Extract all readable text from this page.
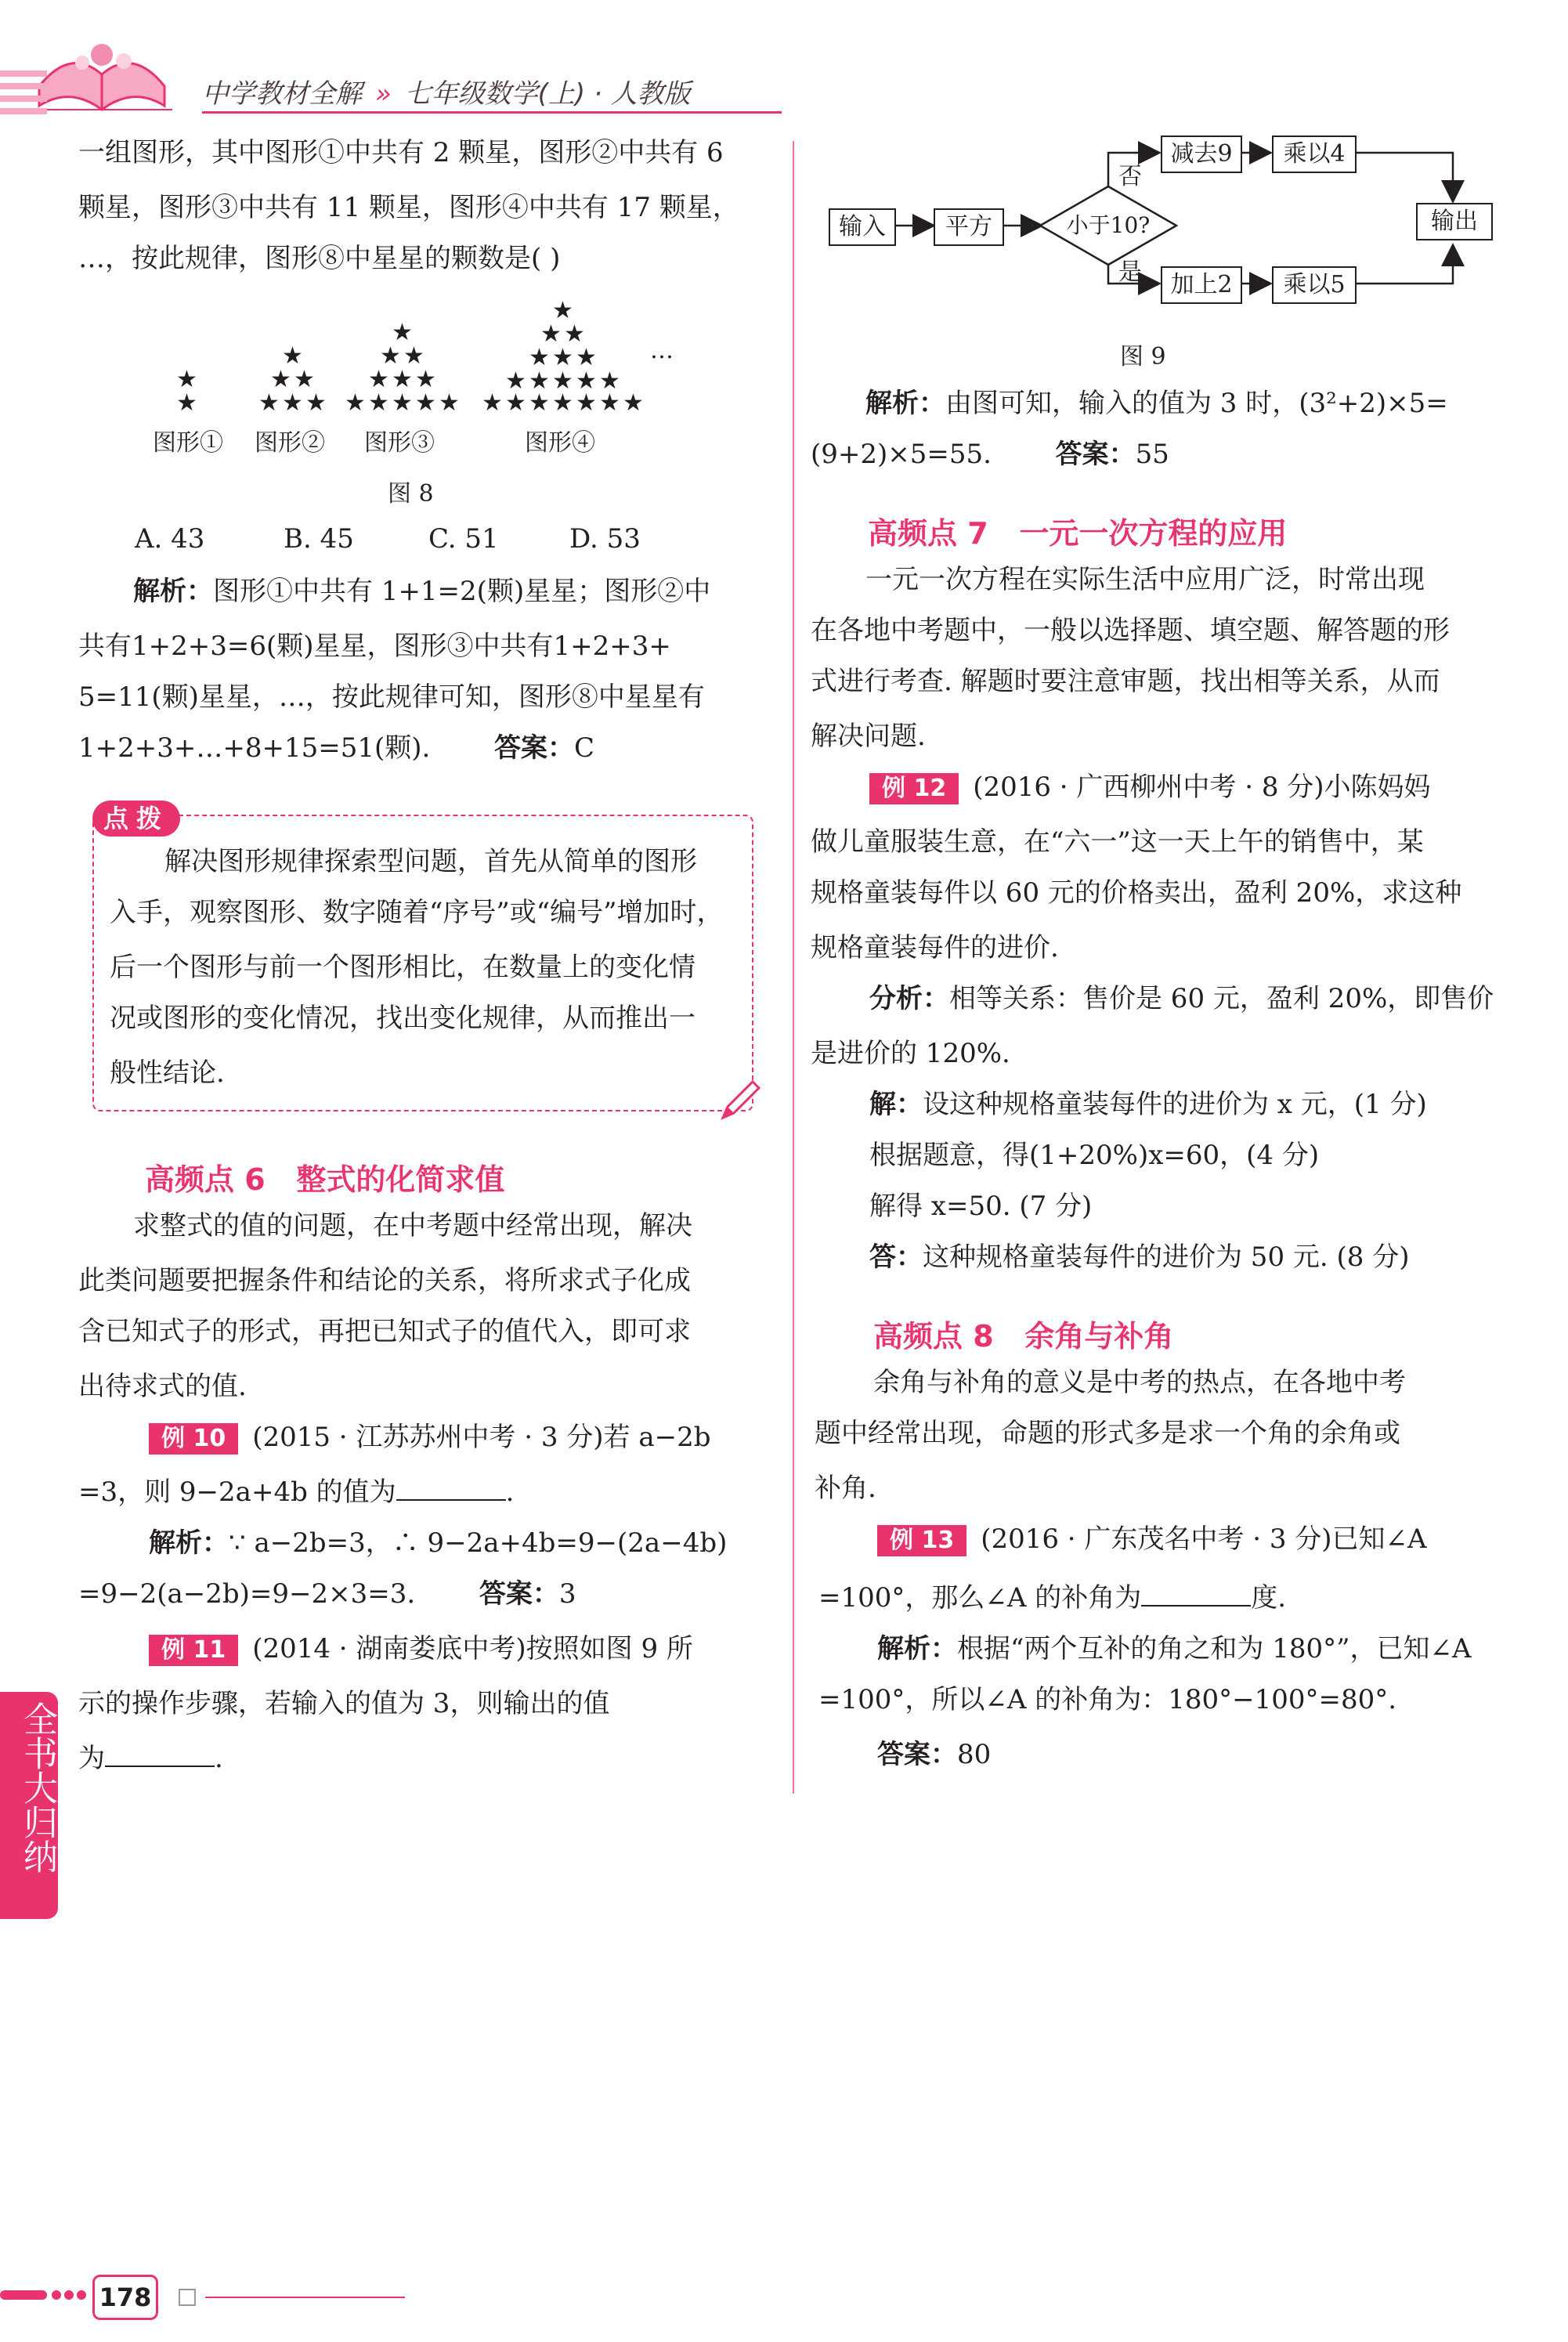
中学教材全解 » 七年级数学(上) · 人教版
一组图形，其中图形①中共有 2 颗星，图形②中共有 6
颗星，图形③中共有 11 颗星，图形④中共有 17 颗星，
…，按此规律，图形⑧中星星的颗数是( )
★
★
★
★ ★
★ ★ ★
★
★ ★
★ ★ ★
★ ★ ★ ★ ★
★
★ ★
★ ★ ★
★ ★ ★ ★ ★
★ ★ ★ ★ ★ ★ ★
…
图形① 图形② 图形③	图形④
图 8
A. 43	B. 45	C. 51	D. 53
解析：图形①中共有 1+1=2(颗)星星；图形②中
共有1+2+3=6(颗)星星，图形③中共有1+2+3+
5=11(颗)星星，…，按此规律可知，图形⑧中星星有
1+2+3+…+8+15=51(颗). 答案：C
点拨
解决图形规律探索型问题，首先从简单的图形
入手，观察图形、数字随着“序号”或“编号”增加时，
后一个图形与前一个图形相比，在数量上的变化情
况或图形的变化情况，找出变化规律，从而推出一
般性结论.
高频点 6   整式的化简求值
求整式的值的问题，在中考题中经常出现，解决
此类问题要把握条件和结论的关系，将所求式子化成
含已知式子的形式，再把已知式子的值代入，即可求
出待求式的值.
例 10 (2015 · 江苏苏州中考 · 3 分)若 a−2b
=3，则 9−2a+4b 的值为	.
解析：∵ a−2b=3，∴ 9−2a+4b=9−(2a−4b)
=9−2(a−2b)=9−2×3=3. 答案：3
例 11 (2014 · 湖南娄底中考)按照如图 9 所
示的操作步骤，若输入的值为 3，则输出的值
为	.
输入	平方	小于10?
否
是
减去9	乘以4
加上2	乘以5
输出
图 9
解析：由图可知，输入的值为 3 时，(3²+2)×5=
(9+2)×5=55. 答案：55
高频点 7   一元一次方程的应用
一元一次方程在实际生活中应用广泛，时常出现
在各地中考题中，一般以选择题、填空题、解答题的形
式进行考查. 解题时要注意审题，找出相等关系，从而
解决问题.
例 12 (2016 · 广西柳州中考 · 8 分)小陈妈妈
做儿童服装生意，在“六一”这一天上午的销售中，某
规格童装每件以 60 元的价格卖出，盈利 20%，求这种
规格童装每件的进价.
分析：相等关系：售价是 60 元，盈利 20%，即售价
是进价的 120%.
解：设这种规格童装每件的进价为 x 元，(1 分)
根据题意，得(1+20%)x=60，(4 分)
解得 x=50. (7 分)
答：这种规格童装每件的进价为 50 元. (8 分)
高频点 8   余角与补角
余角与补角的意义是中考的热点，在各地中考
题中经常出现，命题的形式多是求一个角的余角或
补角.
例 13 (2016 · 广东茂名中考 · 3 分)已知∠A
=100°，那么∠A 的补角为	度.
解析：根据“两个互补的角之和为 180°”，已知∠A
=100°，所以∠A 的补角为：180°−100°=80°.
答案：80
全书大归纳
178
